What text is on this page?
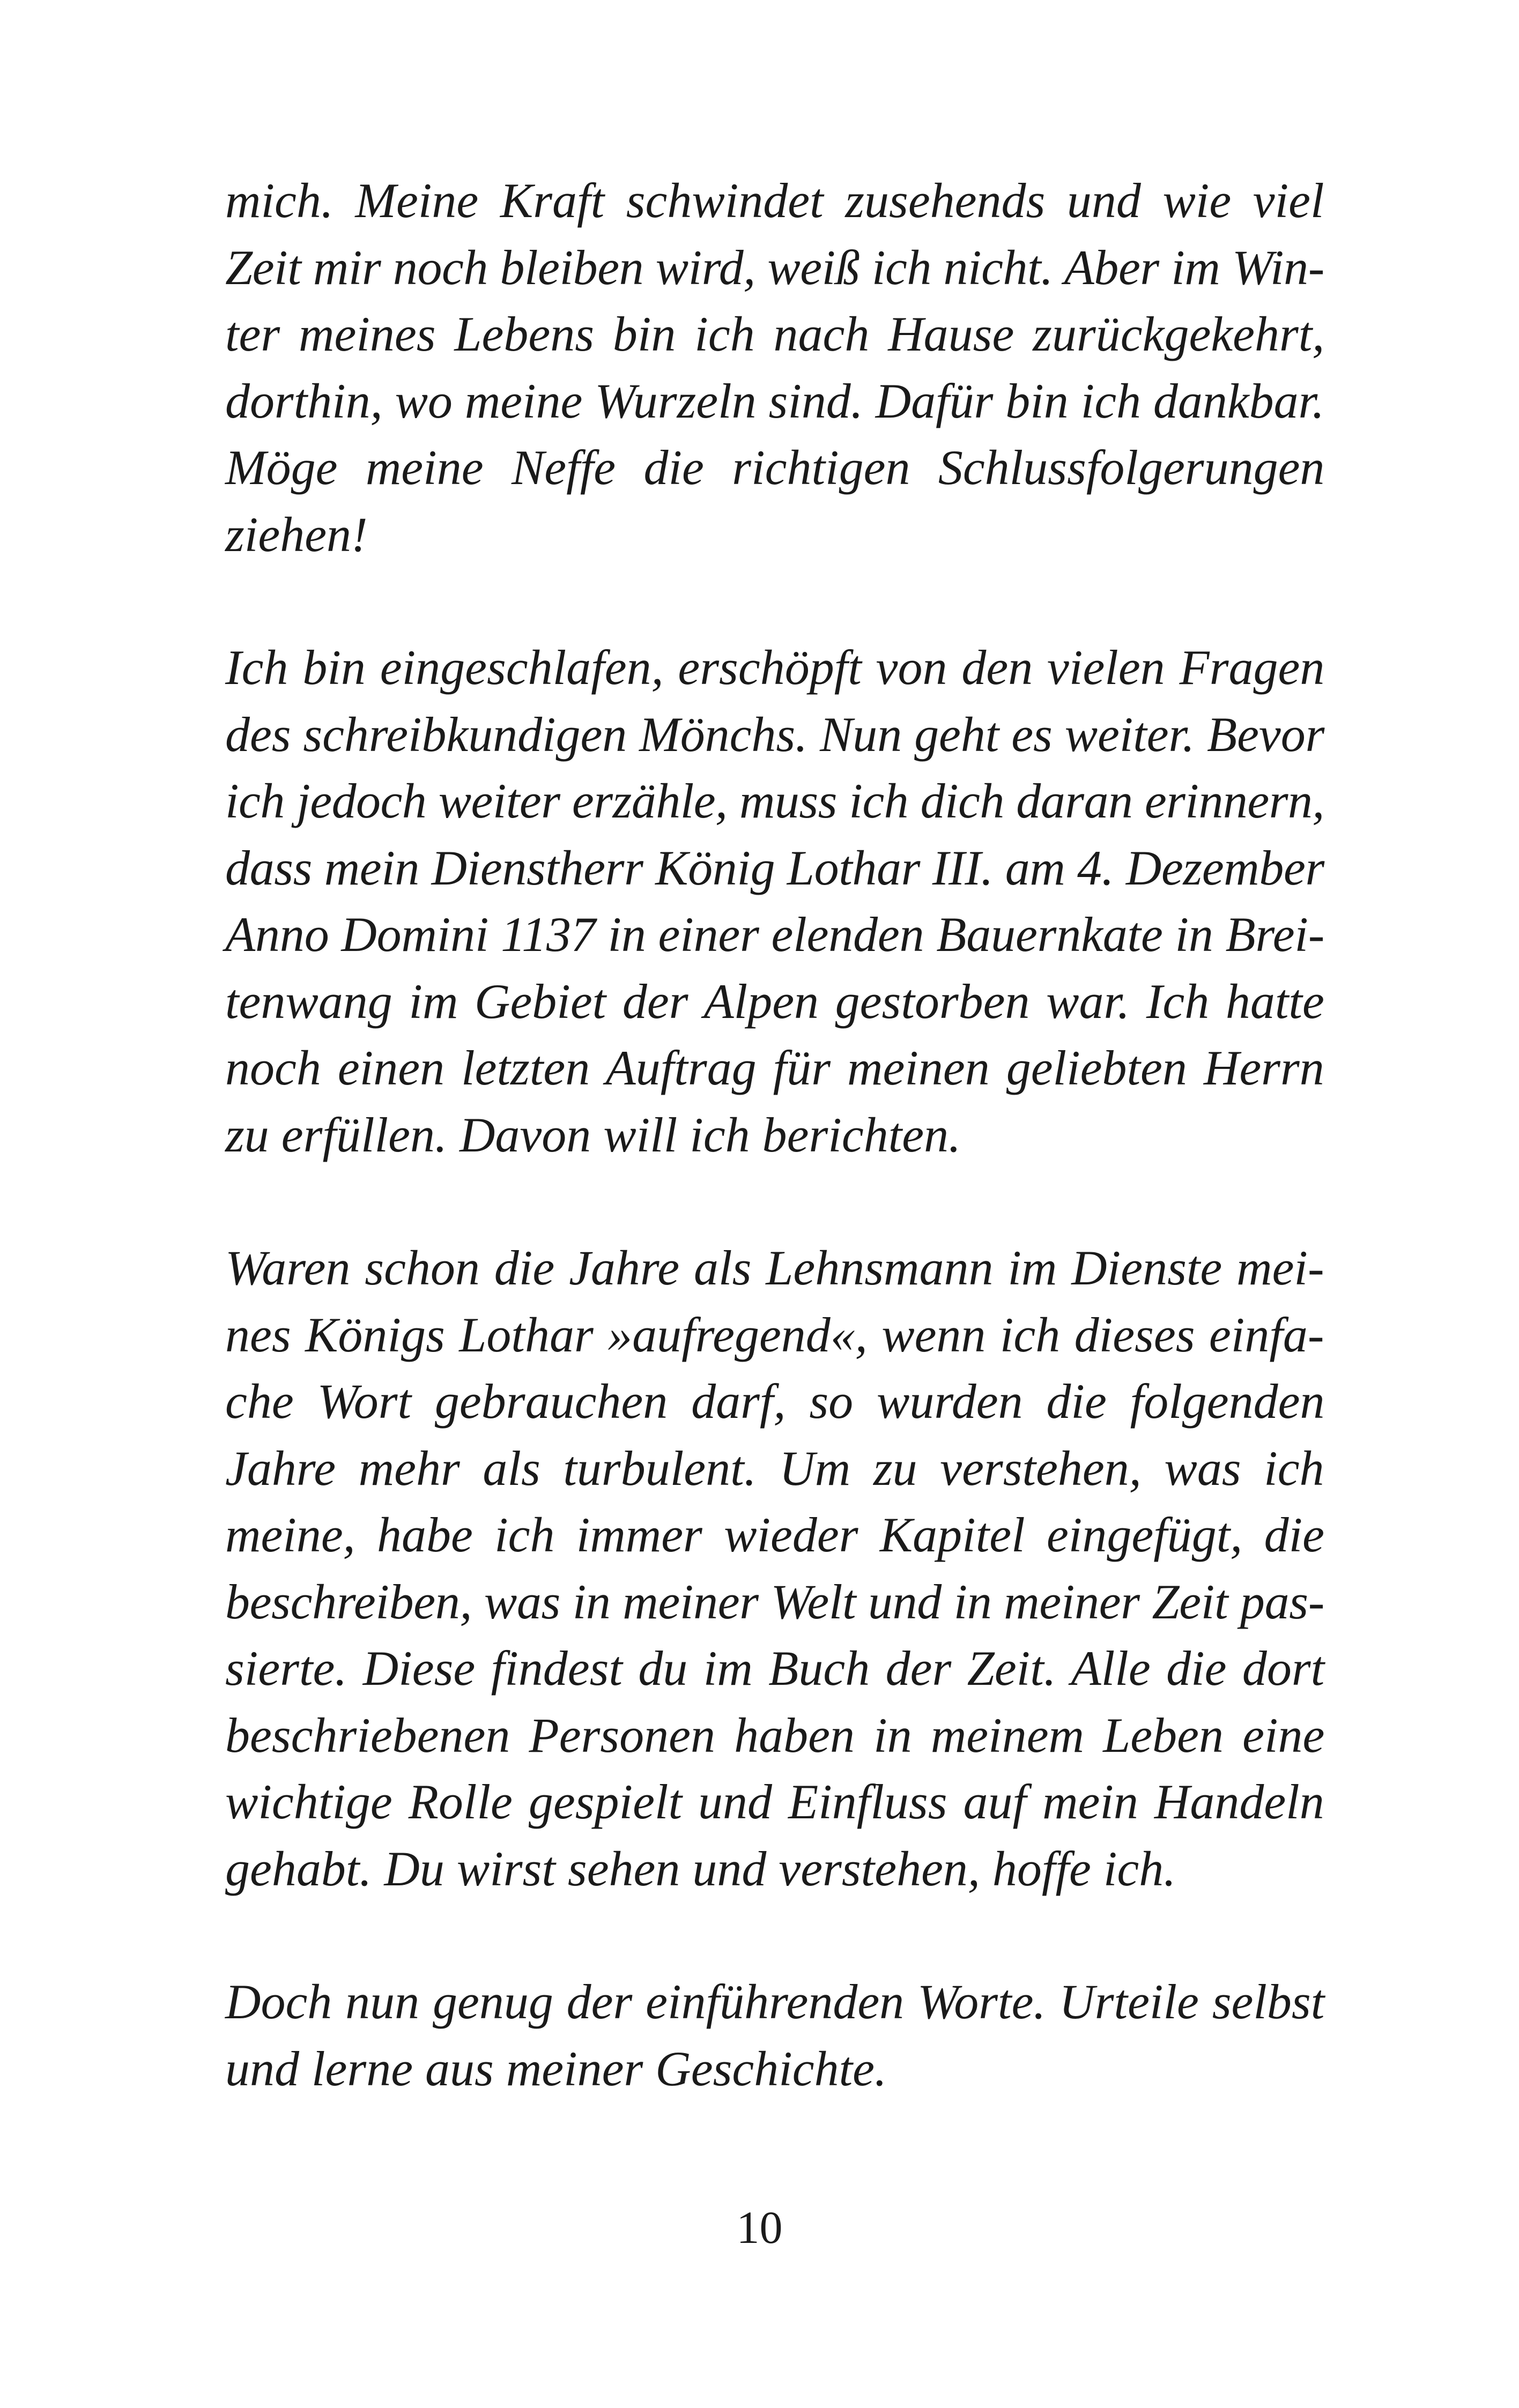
mich. Meine Kraft schwindet zusehends und wie viel
Zeit mir noch bleiben wird, weiß ich nicht. Aber im Win-
ter meines Lebens bin ich nach Hause zurückgekehrt,
dorthin, wo meine Wurzeln sind. Dafür bin ich dankbar.
Möge meine Neffe die richtigen Schlussfolgerungen
ziehen!

Ich bin eingeschlafen, erschöpft von den vielen Fragen
des schreibkundigen Mönchs. Nun geht es weiter. Bevor
ich jedoch weiter erzähle, muss ich dich daran erinnern,
dass mein Dienstherr König Lothar III. am 4. Dezember
Anno Domini 1137 in einer elenden Bauernkate in Brei-
tenwang im Gebiet der Alpen gestorben war. Ich hatte
noch einen letzten Auftrag für meinen geliebten Herrn
zu erfüllen. Davon will ich berichten.

Waren schon die Jahre als Lehnsmann im Dienste mei-
nes Königs Lothar »aufregend«, wenn ich dieses einfa-
che Wort gebrauchen darf, so wurden die folgenden
Jahre mehr als turbulent. Um zu verstehen, was ich
meine, habe ich immer wieder Kapitel eingefügt, die
beschreiben, was in meiner Welt und in meiner Zeit pas-
sierte. Diese findest du im Buch der Zeit. Alle die dort
beschriebenen Personen haben in meinem Leben eine
wichtige Rolle gespielt und Einfluss auf mein Handeln
gehabt. Du wirst sehen und verstehen, hoffe ich.

Doch nun genug der einführenden Worte. Urteile selbst
und lerne aus meiner Geschichte.

10
